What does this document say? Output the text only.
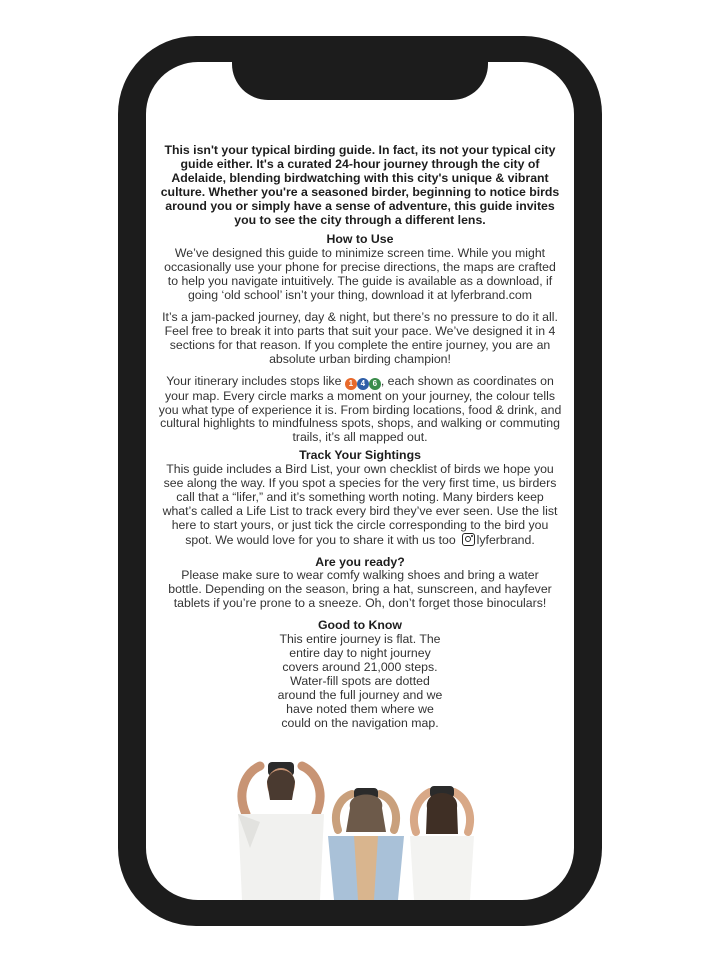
This isn't your typical birding guide. In fact, its not your typical city guide either. It's a curated 24-hour journey through the city of Adelaide, blending birdwatching with this city's unique & vibrant culture. Whether you're a seasoned birder, beginning to notice birds around you or simply have a sense of adventure, this guide invites you to see the city through a different lens.

How to Use

We’ve designed this guide to minimize screen time. While you might occasionally use your phone for precise directions, the maps are crafted to help you navigate intuitively. The guide is available as a download, if going ‘old school’ isn’t your thing, download it at lyferbrand.com

It’s a jam-packed journey, day & night, but there’s no pressure to do it all. Feel free to break it into parts that suit your pace. We’ve designed it in 4 sections for that reason. If you complete the entire journey, you are an absolute urban birding champion!

Your itinerary includes stops like 1 4 6 , each shown as coordinates on your map. Every circle marks a moment on your journey, the colour tells you what type of experience it is. From birding locations, food & drink, and cultural highlights to mindfulness spots, shops, and walking or commuting trails, it’s all mapped out.

Track Your Sightings

This guide includes a Bird List, your own checklist of birds we hope you see along the way. If you spot a species for the very first time, us birders call that a “lifer,” and it’s something worth noting. Many birders keep what’s called a Life List to track every bird they’ve ever seen. Use the list here to start yours, or just tick the circle corresponding to the bird you spot. We would love for you to share it with us too lyferbrand.

Are you ready?

Please make sure to wear comfy walking shoes and bring a water bottle. Depending on the season, bring a hat, sunscreen, and hayfever tablets if you’re prone to a sneeze. Oh, don’t forget those binoculars!

Good to Know

This entire journey is flat. The entire day to night journey covers around 21,000 steps. Water-fill spots are dotted around the full journey and we have noted them where we could on the navigation map.
